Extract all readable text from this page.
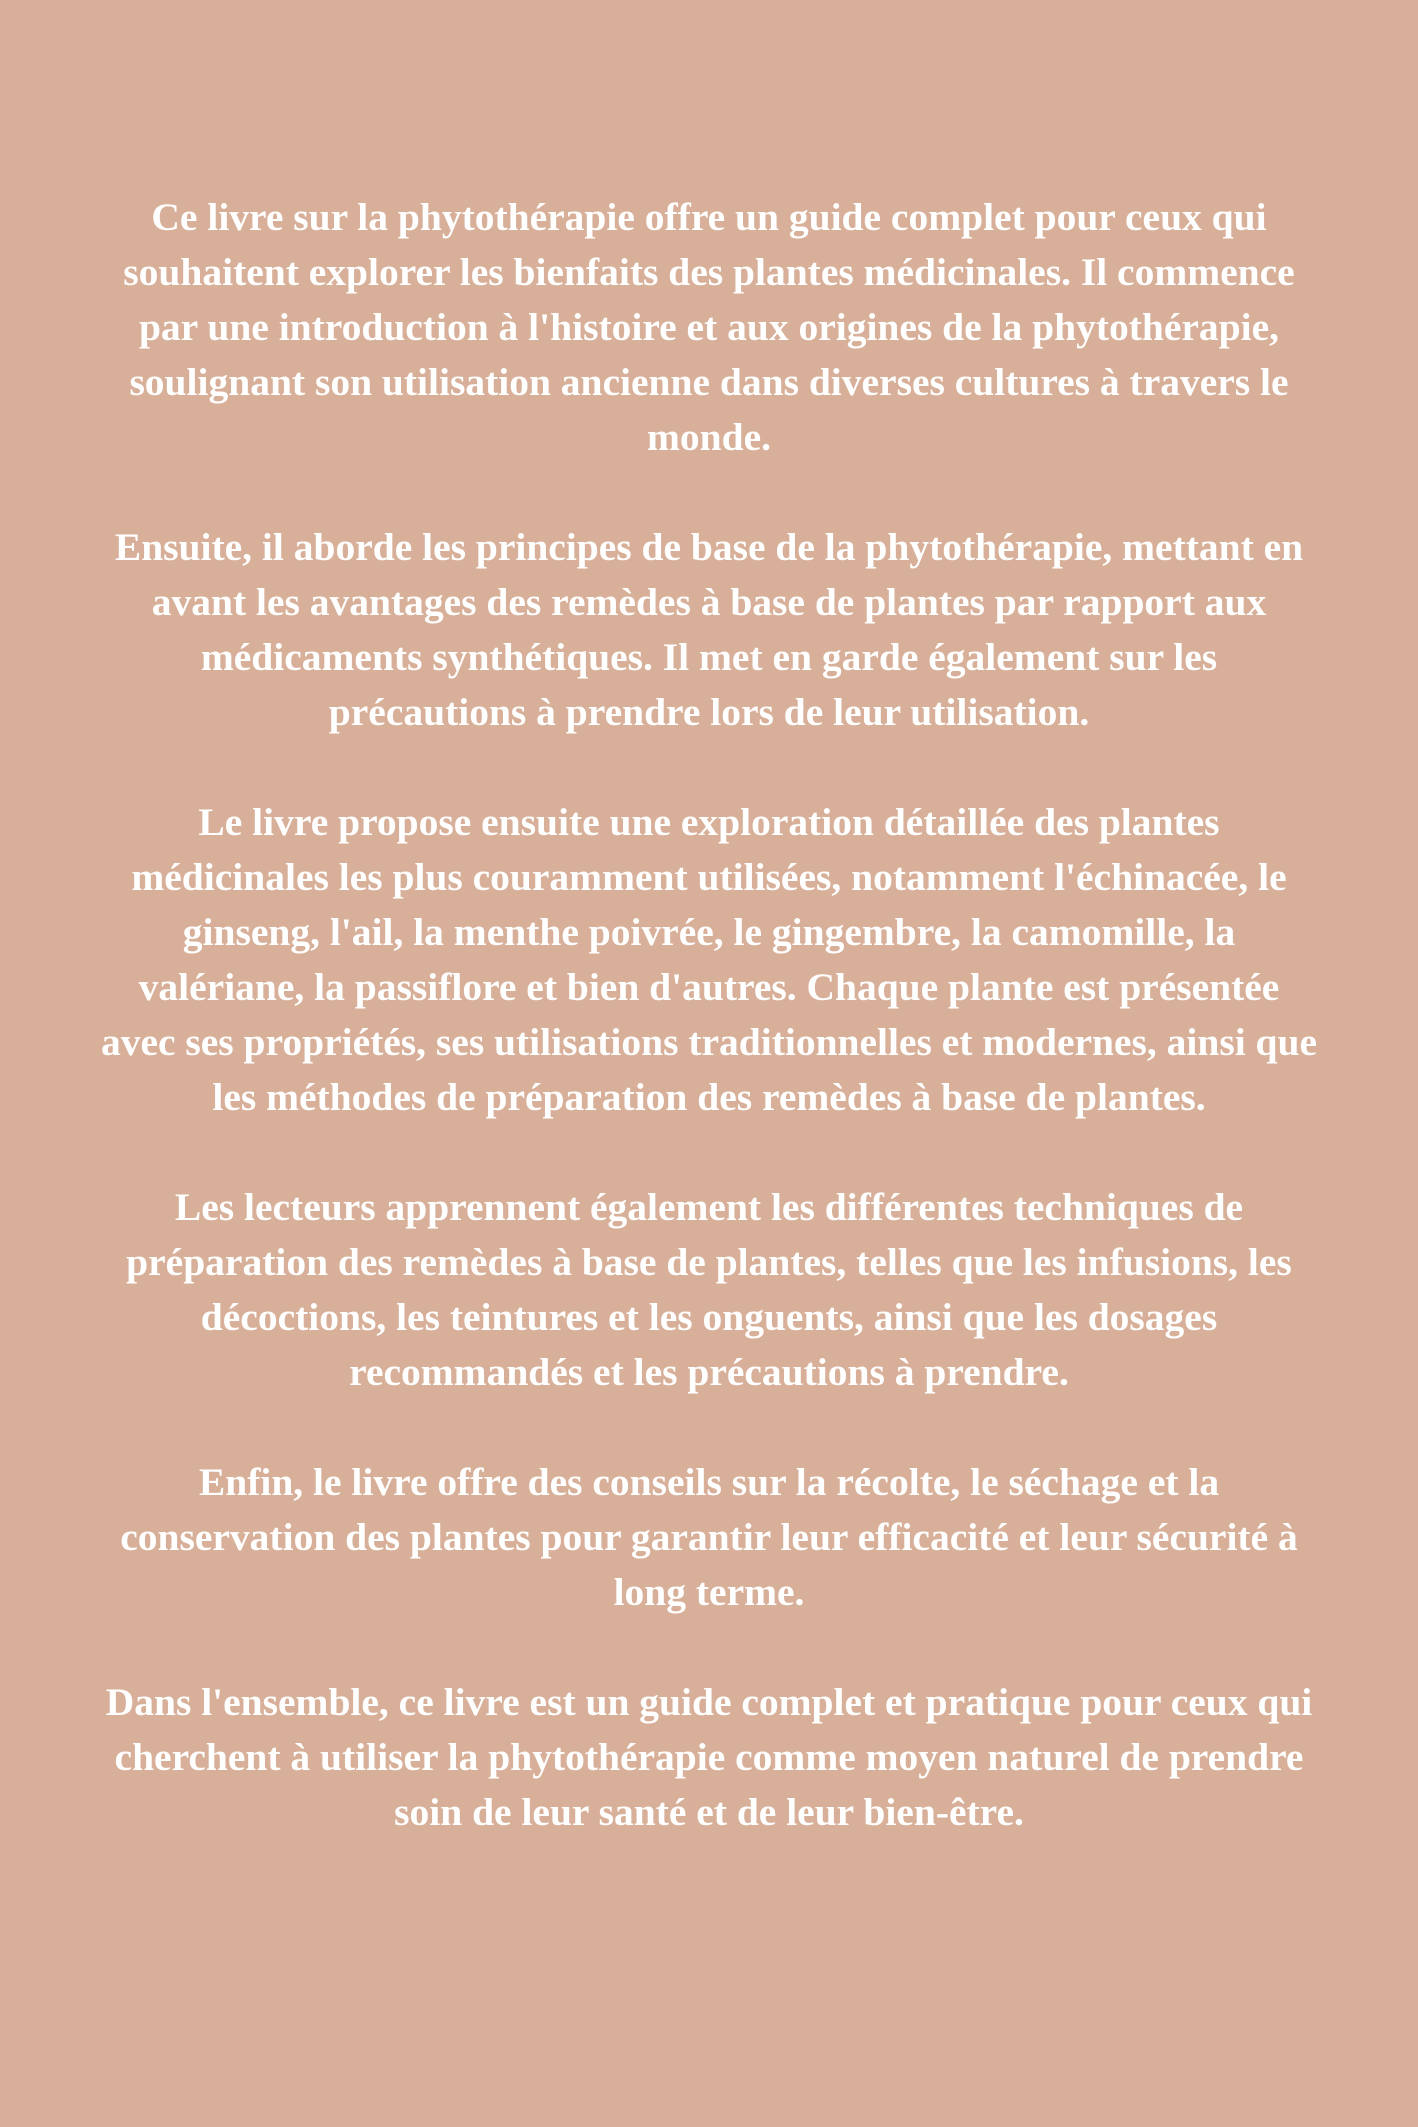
Ce livre sur la phytothérapie offre un guide complet pour ceux qui souhaitent explorer les bienfaits des plantes médicinales. Il commence par une introduction à l'histoire et aux origines de la phytothérapie, soulignant son utilisation ancienne dans diverses cultures à travers le monde.

Ensuite, il aborde les principes de base de la phytothérapie, mettant en avant les avantages des remèdes à base de plantes par rapport aux médicaments synthétiques. Il met en garde également sur les précautions à prendre lors de leur utilisation.

Le livre propose ensuite une exploration détaillée des plantes médicinales les plus couramment utilisées, notamment l'échinacée, le ginseng, l'ail, la menthe poivrée, le gingembre, la camomille, la valériane, la passiflore et bien d'autres. Chaque plante est présentée avec ses propriétés, ses utilisations traditionnelles et modernes, ainsi que les méthodes de préparation des remèdes à base de plantes.

Les lecteurs apprennent également les différentes techniques de préparation des remèdes à base de plantes, telles que les infusions, les décoctions, les teintures et les onguents, ainsi que les dosages recommandés et les précautions à prendre.

Enfin, le livre offre des conseils sur la récolte, le séchage et la conservation des plantes pour garantir leur efficacité et leur sécurité à long terme.

Dans l'ensemble, ce livre est un guide complet et pratique pour ceux qui cherchent à utiliser la phytothérapie comme moyen naturel de prendre soin de leur santé et de leur bien-être.
